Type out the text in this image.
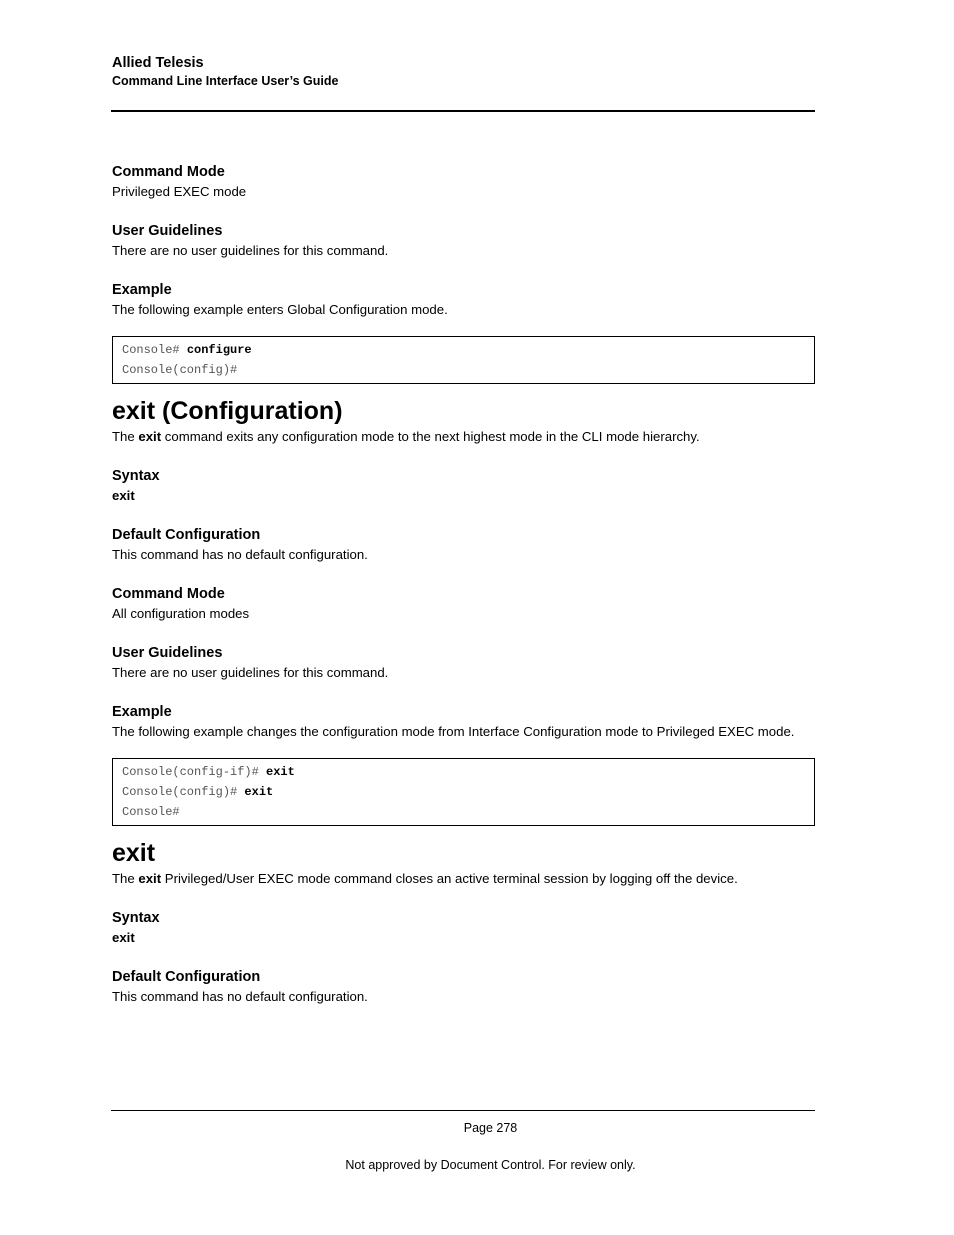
Allied Telesis
Command Line Interface User’s Guide

Command Mode

Privileged EXEC mode

User Guidelines

There are no user guidelines for this command.

Example

The following example enters Global Configuration mode.

Console# configure
Console(config)#
exit (Configuration)

The exit command exits any configuration mode to the next highest mode in the CLI mode hierarchy.

Syntax

exit

Default Configuration

This command has no default configuration.

Command Mode

All configuration modes

User Guidelines

There are no user guidelines for this command.

Example

The following example changes the configuration mode from Interface Configuration mode to Privileged EXEC mode.

Console(config-if)# exit
Console(config)# exit
Console#
exit

The exit Privileged/User EXEC mode command closes an active terminal session by logging off the device.

Syntax

exit

Default Configuration

This command has no default configuration.

Page 278
Not approved by Document Control. For review only.
